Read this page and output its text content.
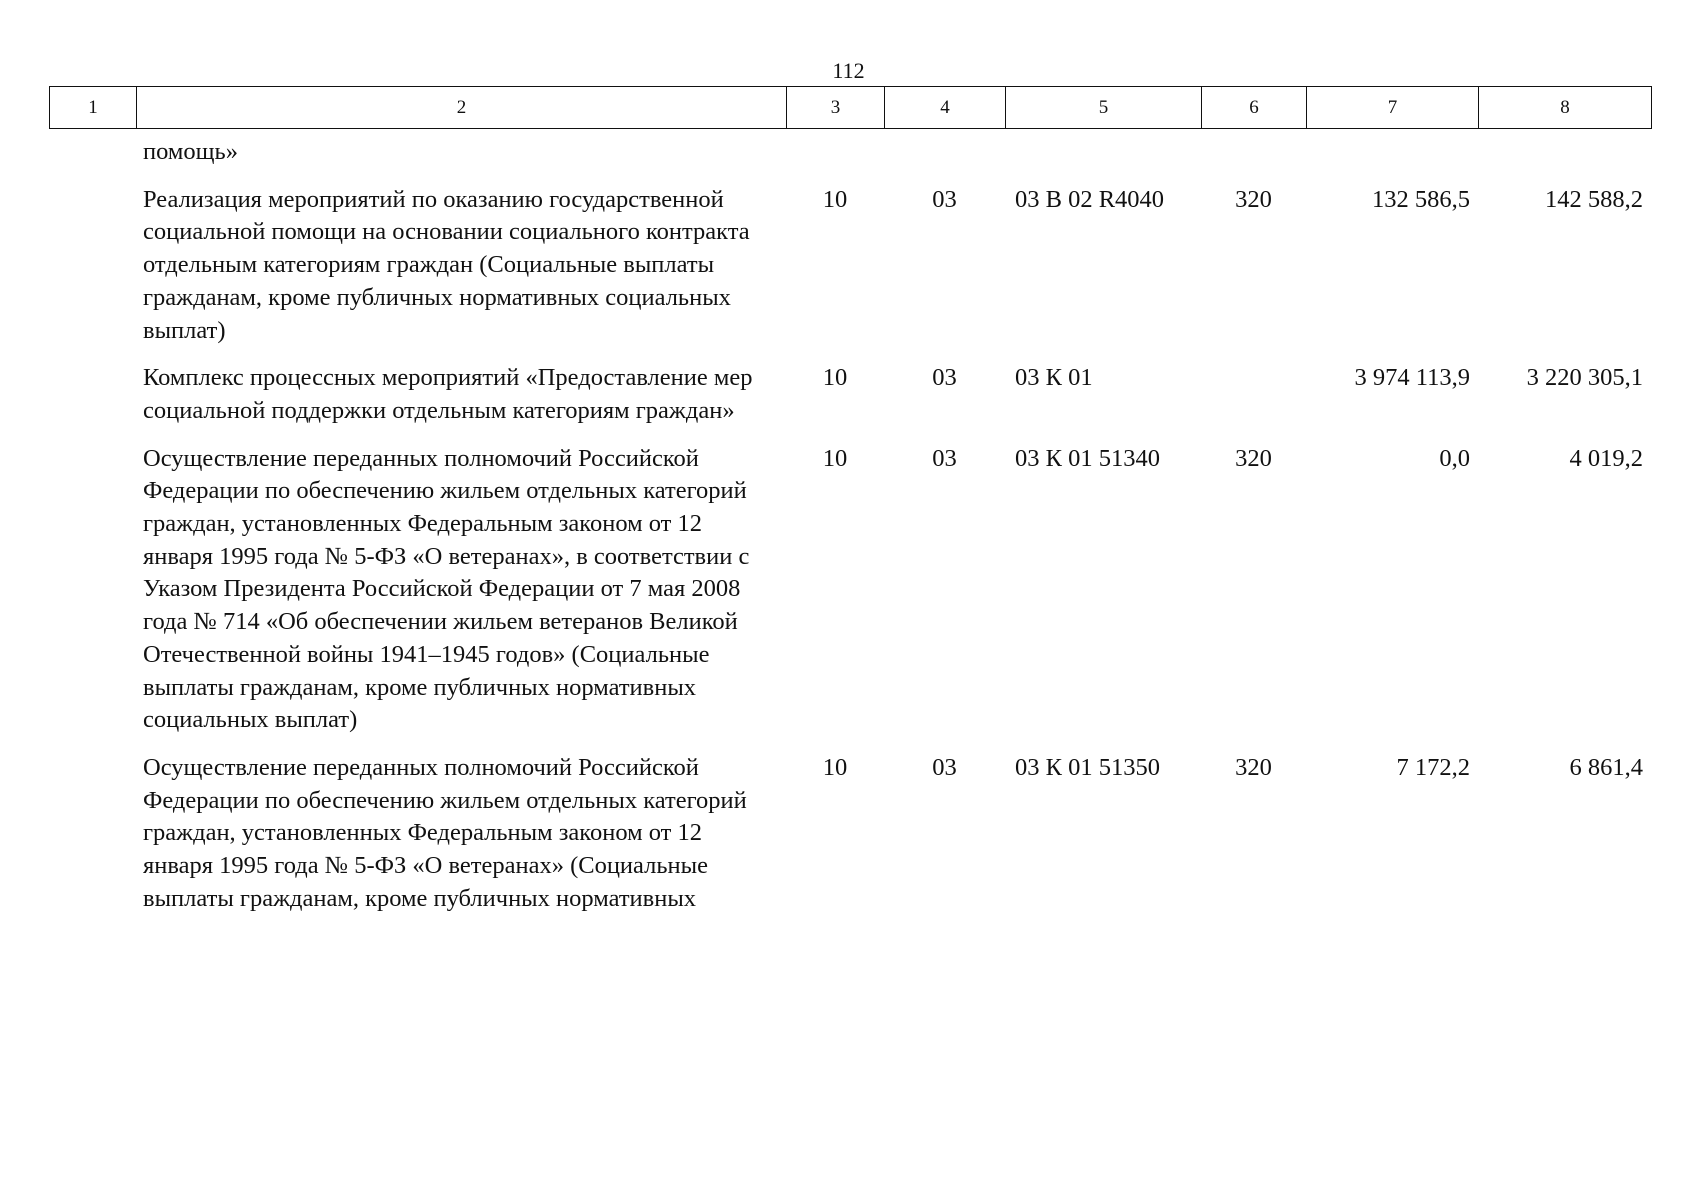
112
1	2	3	4	5	6	7	8
помощь»						
Реализация мероприятий по оказанию государственной социальной помощи на основании социального контракта отдельным категориям граждан (Социальные выплаты гражданам, кроме публичных нормативных социальных выплат)	10	03	03 В 02 R4040	320	132 586,5	142 588,2
Комплекс процессных мероприятий «Предоставление мер социальной поддержки отдельным категориям граждан»	10	03	03 К 01		3 974 113,9	3 220 305,1
Осуществление переданных полномочий Российской Федерации по обеспечению жильем отдельных категорий граждан, установленных Федеральным законом от 12 января 1995 года № 5-ФЗ «О ветеранах», в соответствии с Указом Президента Российской Федерации от 7 мая 2008 года № 714 «Об обеспечении жильем ветеранов Великой Отечественной войны 1941–1945 годов» (Социальные выплаты гражданам, кроме публичных нормативных социальных выплат)	10	03	03 К 01 51340	320	0,0	4 019,2
Осуществление переданных полномочий Российской Федерации по обеспечению жильем отдельных категорий граждан, установленных Федеральным законом от 12 января 1995 года № 5-ФЗ «О ветеранах» (Социальные выплаты гражданам, кроме публичных нормативных	10	03	03 К 01 51350	320	7 172,2	6 861,4
